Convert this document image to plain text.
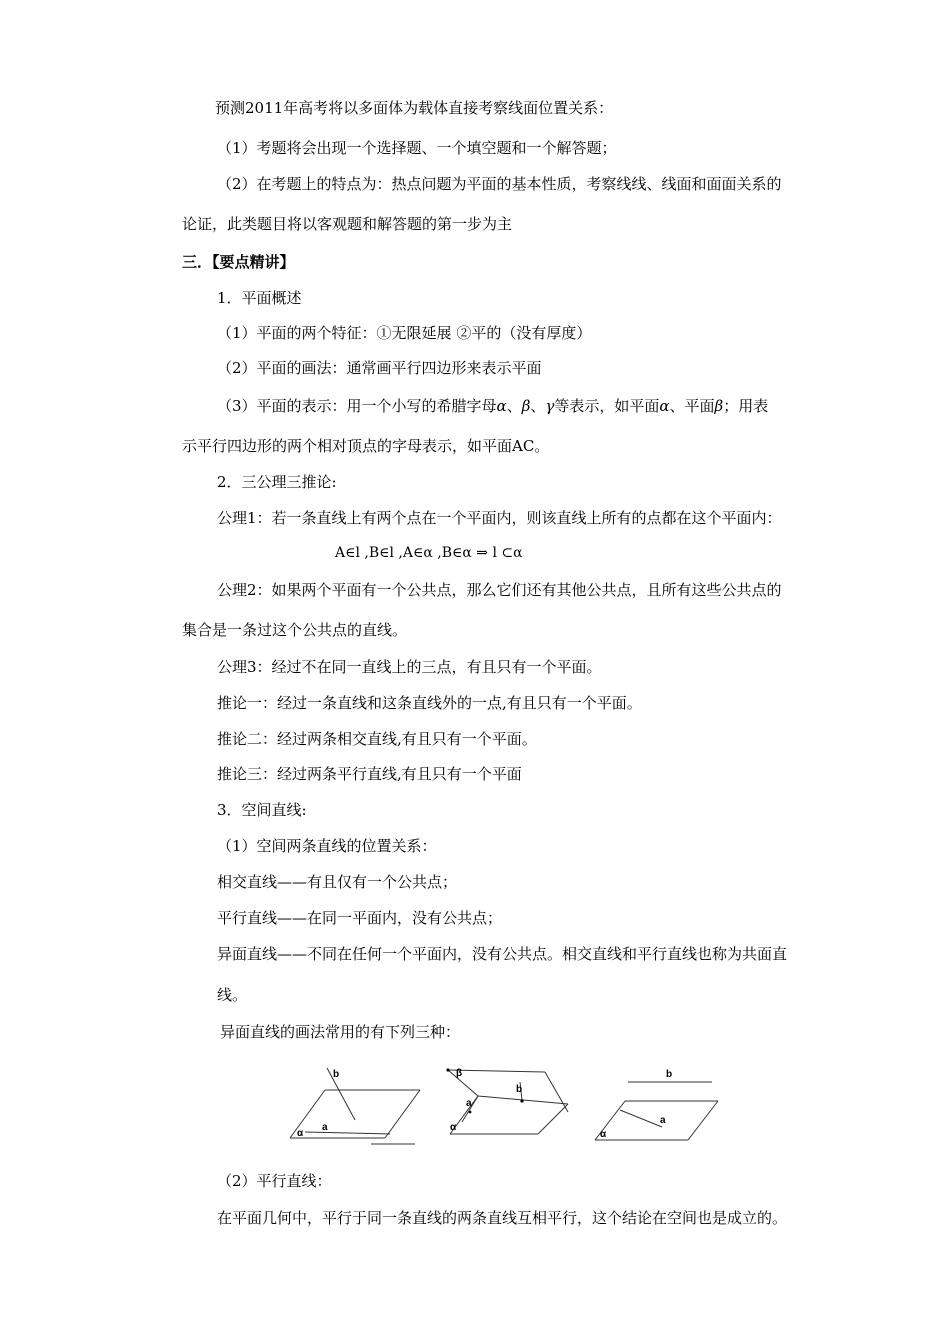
预测2011年高考将以多面体为载体直接考察线面位置关系：
（1）考题将会出现一个选择题、一个填空题和一个解答题；
（2）在考题上的特点为：热点问题为平面的基本性质，考察线线、线面和面面关系的
论证，此类题目将以客观题和解答题的第一步为主
三．【要点精讲】
1．平面概述
（1）平面的两个特征：①无限延展 ②平的（没有厚度）
（2）平面的画法：通常画平行四边形来表示平面
（3）平面的表示：用一个小写的希腊字母α、β、γ等表示，如平面α、平面β；用表
示平行四边形的两个相对顶点的字母表示，如平面AC。
2．三公理三推论:
公理1：若一条直线上有两个点在一个平面内，则该直线上所有的点都在这个平面内：
A∈l ,B∈l ,A∈α ,B∈α ⇒ l ⊂α
公理2：如果两个平面有一个公共点，那么它们还有其他公共点，且所有这些公共点的
集合是一条过这个公共点的直线。
公理3：经过不在同一直线上的三点，有且只有一个平面。
推论一：经过一条直线和这条直线外的一点,有且只有一个平面。
推论二：经过两条相交直线,有且只有一个平面。
推论三：经过两条平行直线,有且只有一个平面
3．空间直线:
（1）空间两条直线的位置关系：
相交直线——有且仅有一个公共点；
平行直线——在同一平面内，没有公共点；
异面直线——不同在任何一个平面内，没有公共点。相交直线和平行直线也称为共面直
线。
异面直线的画法常用的有下列三种：
b
a
α
β
b
a
α
b
a
α
（2）平行直线：
在平面几何中，平行于同一条直线的两条直线互相平行，这个结论在空间也是成立的。
